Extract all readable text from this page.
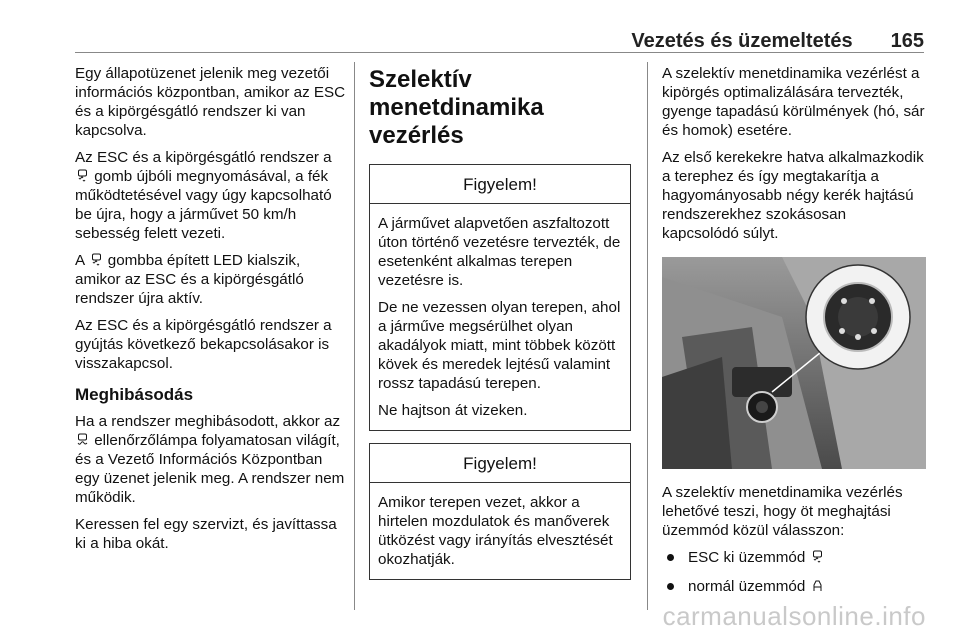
Vezetés és üzemeltetés 165

Egy állapotüzenet jelenik meg vezetői információs központban, amikor az ESC és a kipörgésgátló rendszer ki van kapcsolva.

Az ESC és a kipörgésgátló rendszer a  gomb újbóli megnyomásával, a fék működtetésével vagy úgy kapcsolható be újra, hogy a járművet 50 km/h sebesség felett vezeti.

A gombba épített LED kialszik, amikor az ESC és a kipörgésgátló rendszer újra aktív.

Az ESC és a kipörgésgátló rendszer a gyújtás következő bekapcsolásakor is visszakapcsol.

Meghibásodás

Ha a rendszer meghibásodott, akkor az  ellenőrzőlámpa folyamatosan világít, és a Vezető Információs Központban egy üzenet jelenik meg. A rendszer nem működik.

Keressen fel egy szervizt, és javíttassa ki a hiba okát.

Szelektív menetdinamika vezérlés
Figyelem!

A járművet alapvetően aszfaltozott úton történő vezetésre tervezték, de esetenként alkalmas terepen vezetésre is.

De ne vezessen olyan terepen, ahol a járműve megsérülhet olyan akadályok miatt, mint többek között kövek és meredek lejtésű valamint rossz tapadású terepen.

Ne hajtson át vizeken.

Figyelem!

Amikor terepen vezet, akkor a hirtelen mozdulatok és manőverek ütközést vagy irányítás elvesztését okozhatják.

A szelektív menetdinamika vezérlést a kipörgés optimalizálására tervezték, gyenge tapadású körülmények (hó, sár és homok) esetére.

Az első kerekekre hatva alkalmazkodik a terephez és így megtakarítja a hagyományosabb négy kerék hajtású rendszerekhez szokásosan kapcsolódó súlyt.

A szelektív menetdinamika vezérlés lehetővé teszi, hogy öt meghajtási üzemmód közül válasszon:

ESC ki üzemmód
normál üzemmód
carmanualsonline.info
